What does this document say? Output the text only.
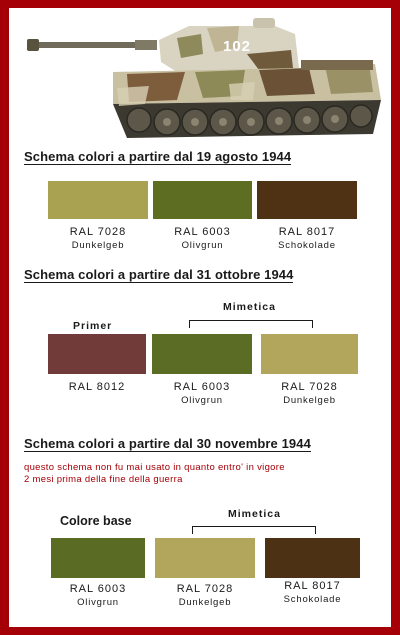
102
Schema colori a partire dal 19 agosto 1944
RAL 7028
Dunkelgeb
RAL 6003
Olivgrun
RAL 8017
Schokolade
Schema colori a partire dal 31 ottobre 1944
Mimetica
Primer
RAL 8012	RAL 6003
Olivgrun
RAL 7028
Dunkelgeb
Schema colori a partire dal 30 novembre 1944
questo schema non fu mai usato in quanto entro' in vigore
2 mesi prima della fine della guerra
Mimetica
Colore base
RAL 6003
Olivgrun
RAL 7028
Dunkelgeb
RAL 8017
Schokolade
